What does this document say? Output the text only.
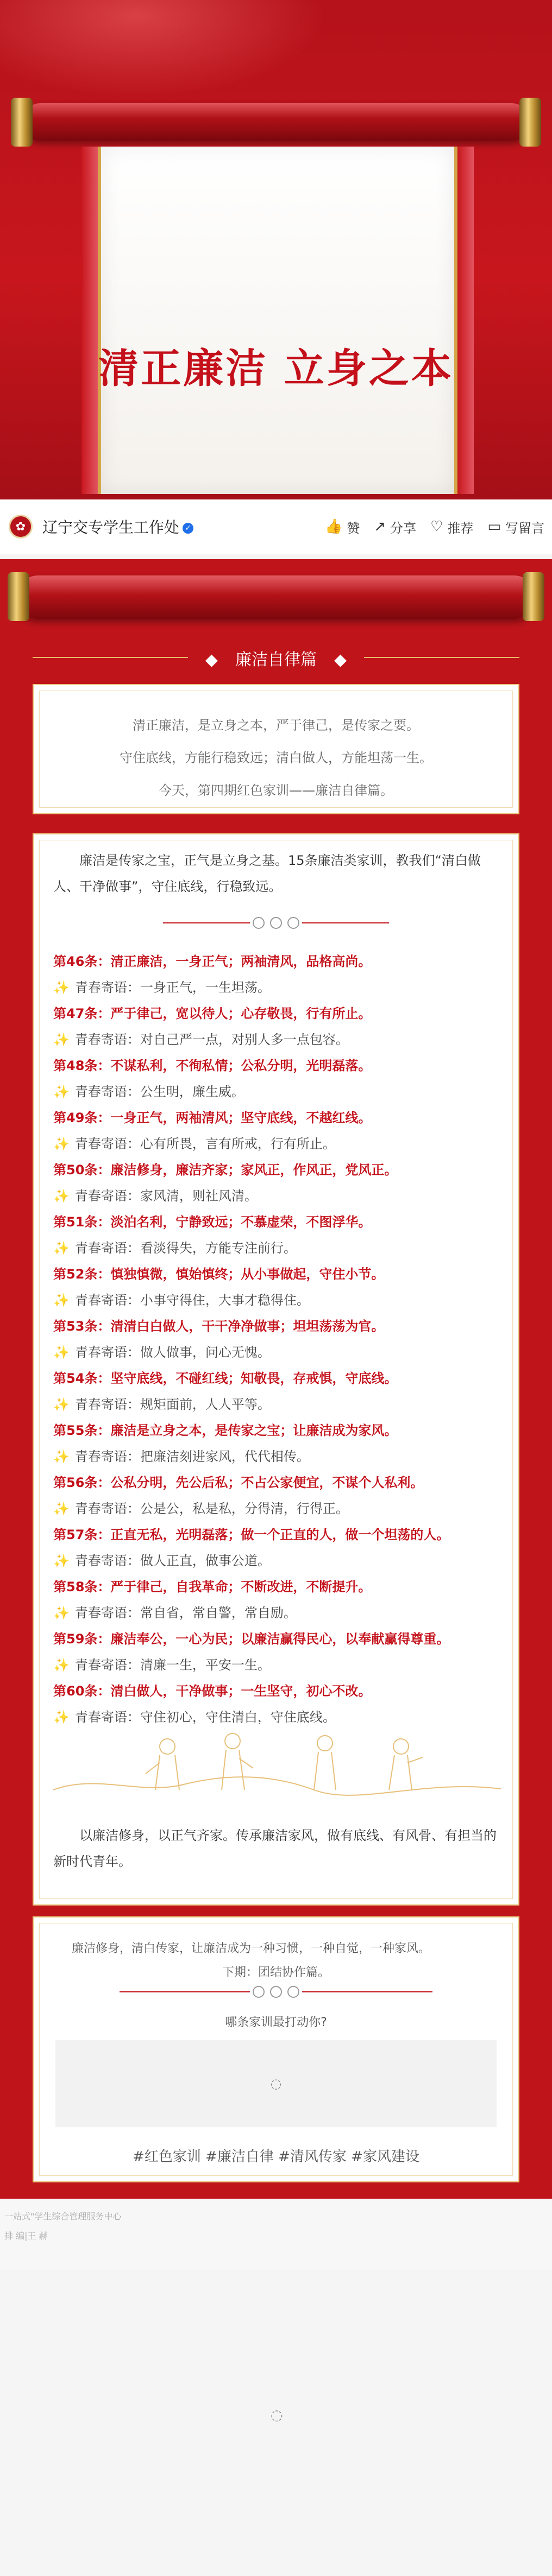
清正廉洁 立身之本
✿	辽宁交专学生工作处 ✓	👍 赞 ↗ 分享 ♡ 推荐 ▭ 写留言
◆ 廉洁自律篇 ◆

清正廉洁，是立身之本，严于律己，是传家之要。

守住底线，方能行稳致远；清白做人，方能坦荡一生。

今天，第四期红色家训——廉洁自律篇。

廉洁是传家之宝，正气是立身之基。15条廉洁类家训，教我们“清白做人、干净做事”，守住底线，行稳致远。
第46条：清正廉洁，一身正气；两袖清风，品格高尚。
✨ 青春寄语：一身正气，一生坦荡。
第47条：严于律己，宽以待人；心存敬畏，行有所止。
✨ 青春寄语：对自己严一点，对别人多一点包容。
第48条：不谋私利，不徇私情；公私分明，光明磊落。
✨ 青春寄语：公生明，廉生威。
第49条：一身正气，两袖清风；坚守底线，不越红线。
✨ 青春寄语：心有所畏，言有所戒，行有所止。
第50条：廉洁修身，廉洁齐家；家风正，作风正，党风正。
✨ 青春寄语：家风清，则社风清。
第51条：淡泊名利，宁静致远；不慕虚荣，不图浮华。
✨ 青春寄语：看淡得失，方能专注前行。
第52条：慎独慎微，慎始慎终；从小事做起，守住小节。
✨ 青春寄语：小事守得住，大事才稳得住。
第53条：清清白白做人，干干净净做事；坦坦荡荡为官。
✨ 青春寄语：做人做事，问心无愧。
第54条：坚守底线，不碰红线；知敬畏，存戒惧，守底线。
✨ 青春寄语：规矩面前，人人平等。
第55条：廉洁是立身之本，是传家之宝；让廉洁成为家风。
✨ 青春寄语：把廉洁刻进家风，代代相传。
第56条：公私分明，先公后私；不占公家便宜，不谋个人私利。
✨ 青春寄语：公是公，私是私，分得清，行得正。
第57条：正直无私，光明磊落；做一个正直的人，做一个坦荡的人。
✨ 青春寄语：做人正直，做事公道。
第58条：严于律己，自我革命；不断改进，不断提升。
✨ 青春寄语：常自省，常自警，常自励。
第59条：廉洁奉公，一心为民；以廉洁赢得民心，以奉献赢得尊重。
✨ 青春寄语：清廉一生，平安一生。
第60条：清白做人，干净做事；一生坚守，初心不改。
✨ 青春寄语：守住初心，守住清白，守住底线。
以廉洁修身，以正气齐家。传承廉洁家风，做有底线、有风骨、有担当的新时代青年。
廉洁修身，清白传家，让廉洁成为一种习惯，一种自觉，一种家风。
下期：团结协作篇。
哪条家训最打动你?
◌
#红色家训 #廉洁自律 #清风传家 #家风建设
一站式"学生综合管理服务中心
排 编|王 赫
◌
